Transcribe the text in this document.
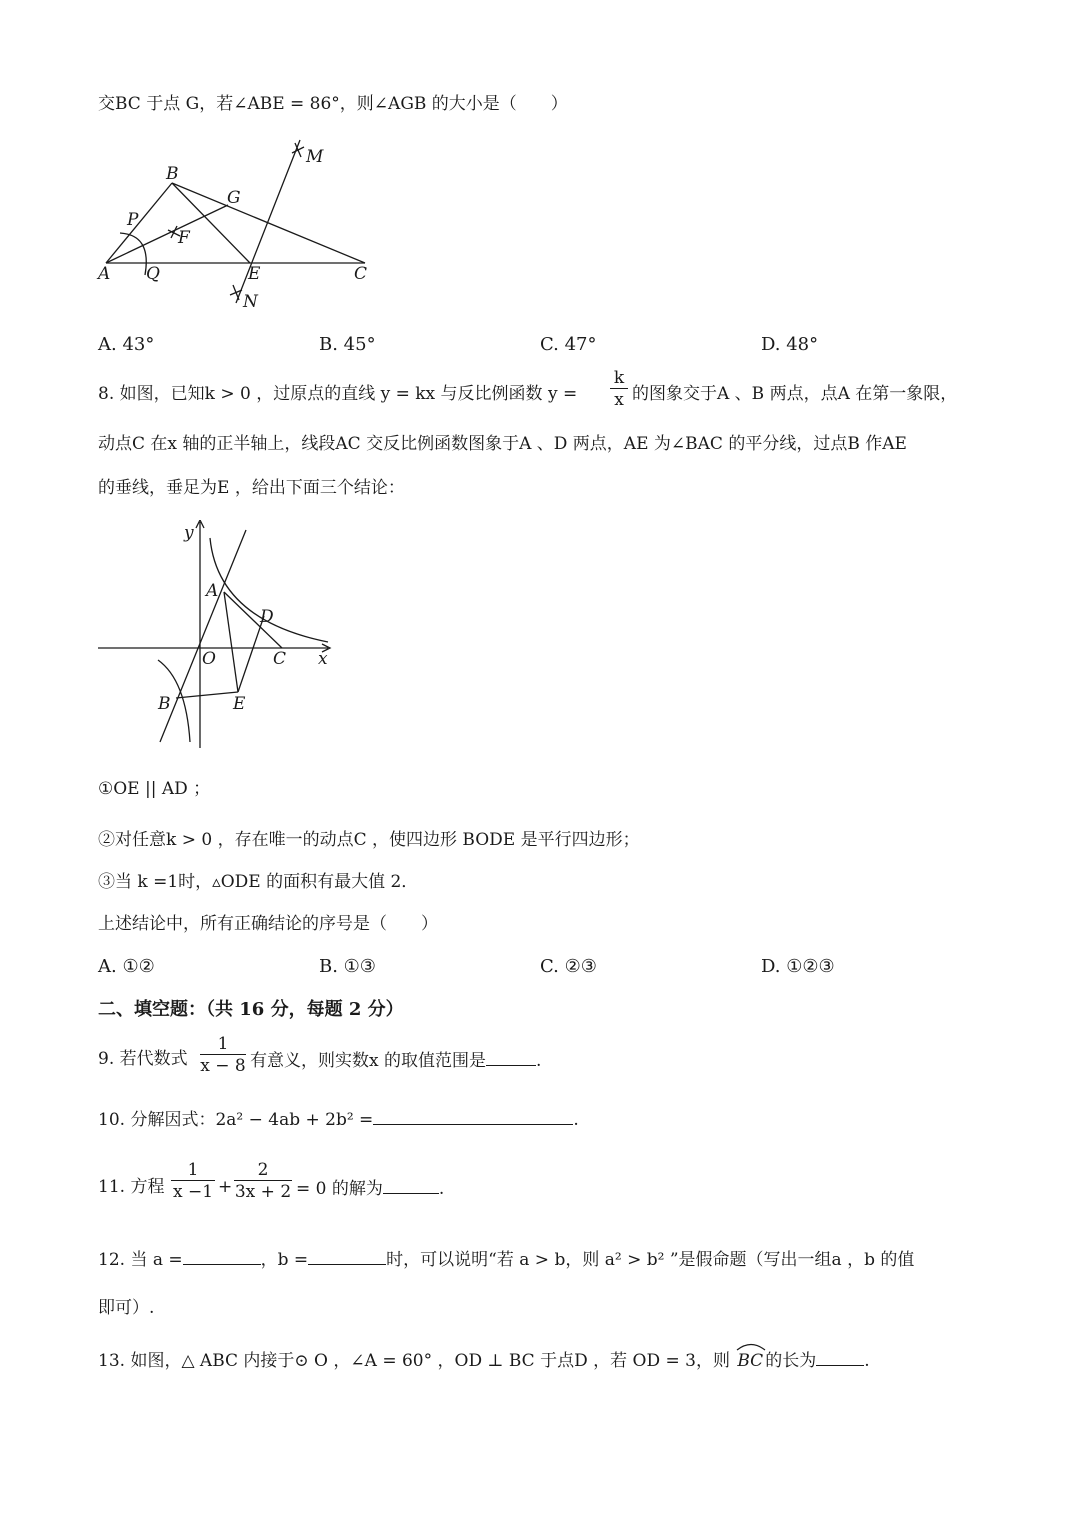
交BC 于点 G，若∠ABE = 86°，则∠AGB 的大小是（　　）
B
G
M
P
F
A Q	E	C
N
A. 43°	B. 45°	C. 47°	D. 48°
8. 如图，已知k > 0 ，过原点的直线 y = kx 与反比例函数 y =
k
x 的图象交于A 、B 两点，点A 在第一象限，
动点C 在x 轴的正半轴上，线段AC 交反比例函数图象于A 、D 两点，AE 为∠BAC 的平分线，过点B 作AE
的垂线，垂足为E ，给出下面三个结论：
y
A
D
O	C x
B	E
①OE || AD ；
②对任意k > 0 ，存在唯一的动点C ，使四边形 BODE 是平行四边形；
③当 k =1时，▵ODE 的面积有最大值 2．
上述结论中，所有正确结论的序号是（　　）
A. ①②	B. ①③	C. ②③	D. ①②③
二、填空题：（共 16 分，每题 2 分）
9. 若代数式
1
x − 8 有意义，则实数x 的取值范围是	.
10. 分解因式：2a² − 4ab + 2b² =	.
11. 方程
1
x −1 +
2
3x + 2 = 0 的解为	.
12. 当 a =	，b =	时，可以说明“若 a > b，则 a² > b² ”是假命题（写出一组a ，b 的值
即可）.
13. 如图，△ ABC 内接于⊙ O ，∠A = 60° ，OD ⊥ BC 于点D ，若 OD = 3，则 BC 的长为	.
